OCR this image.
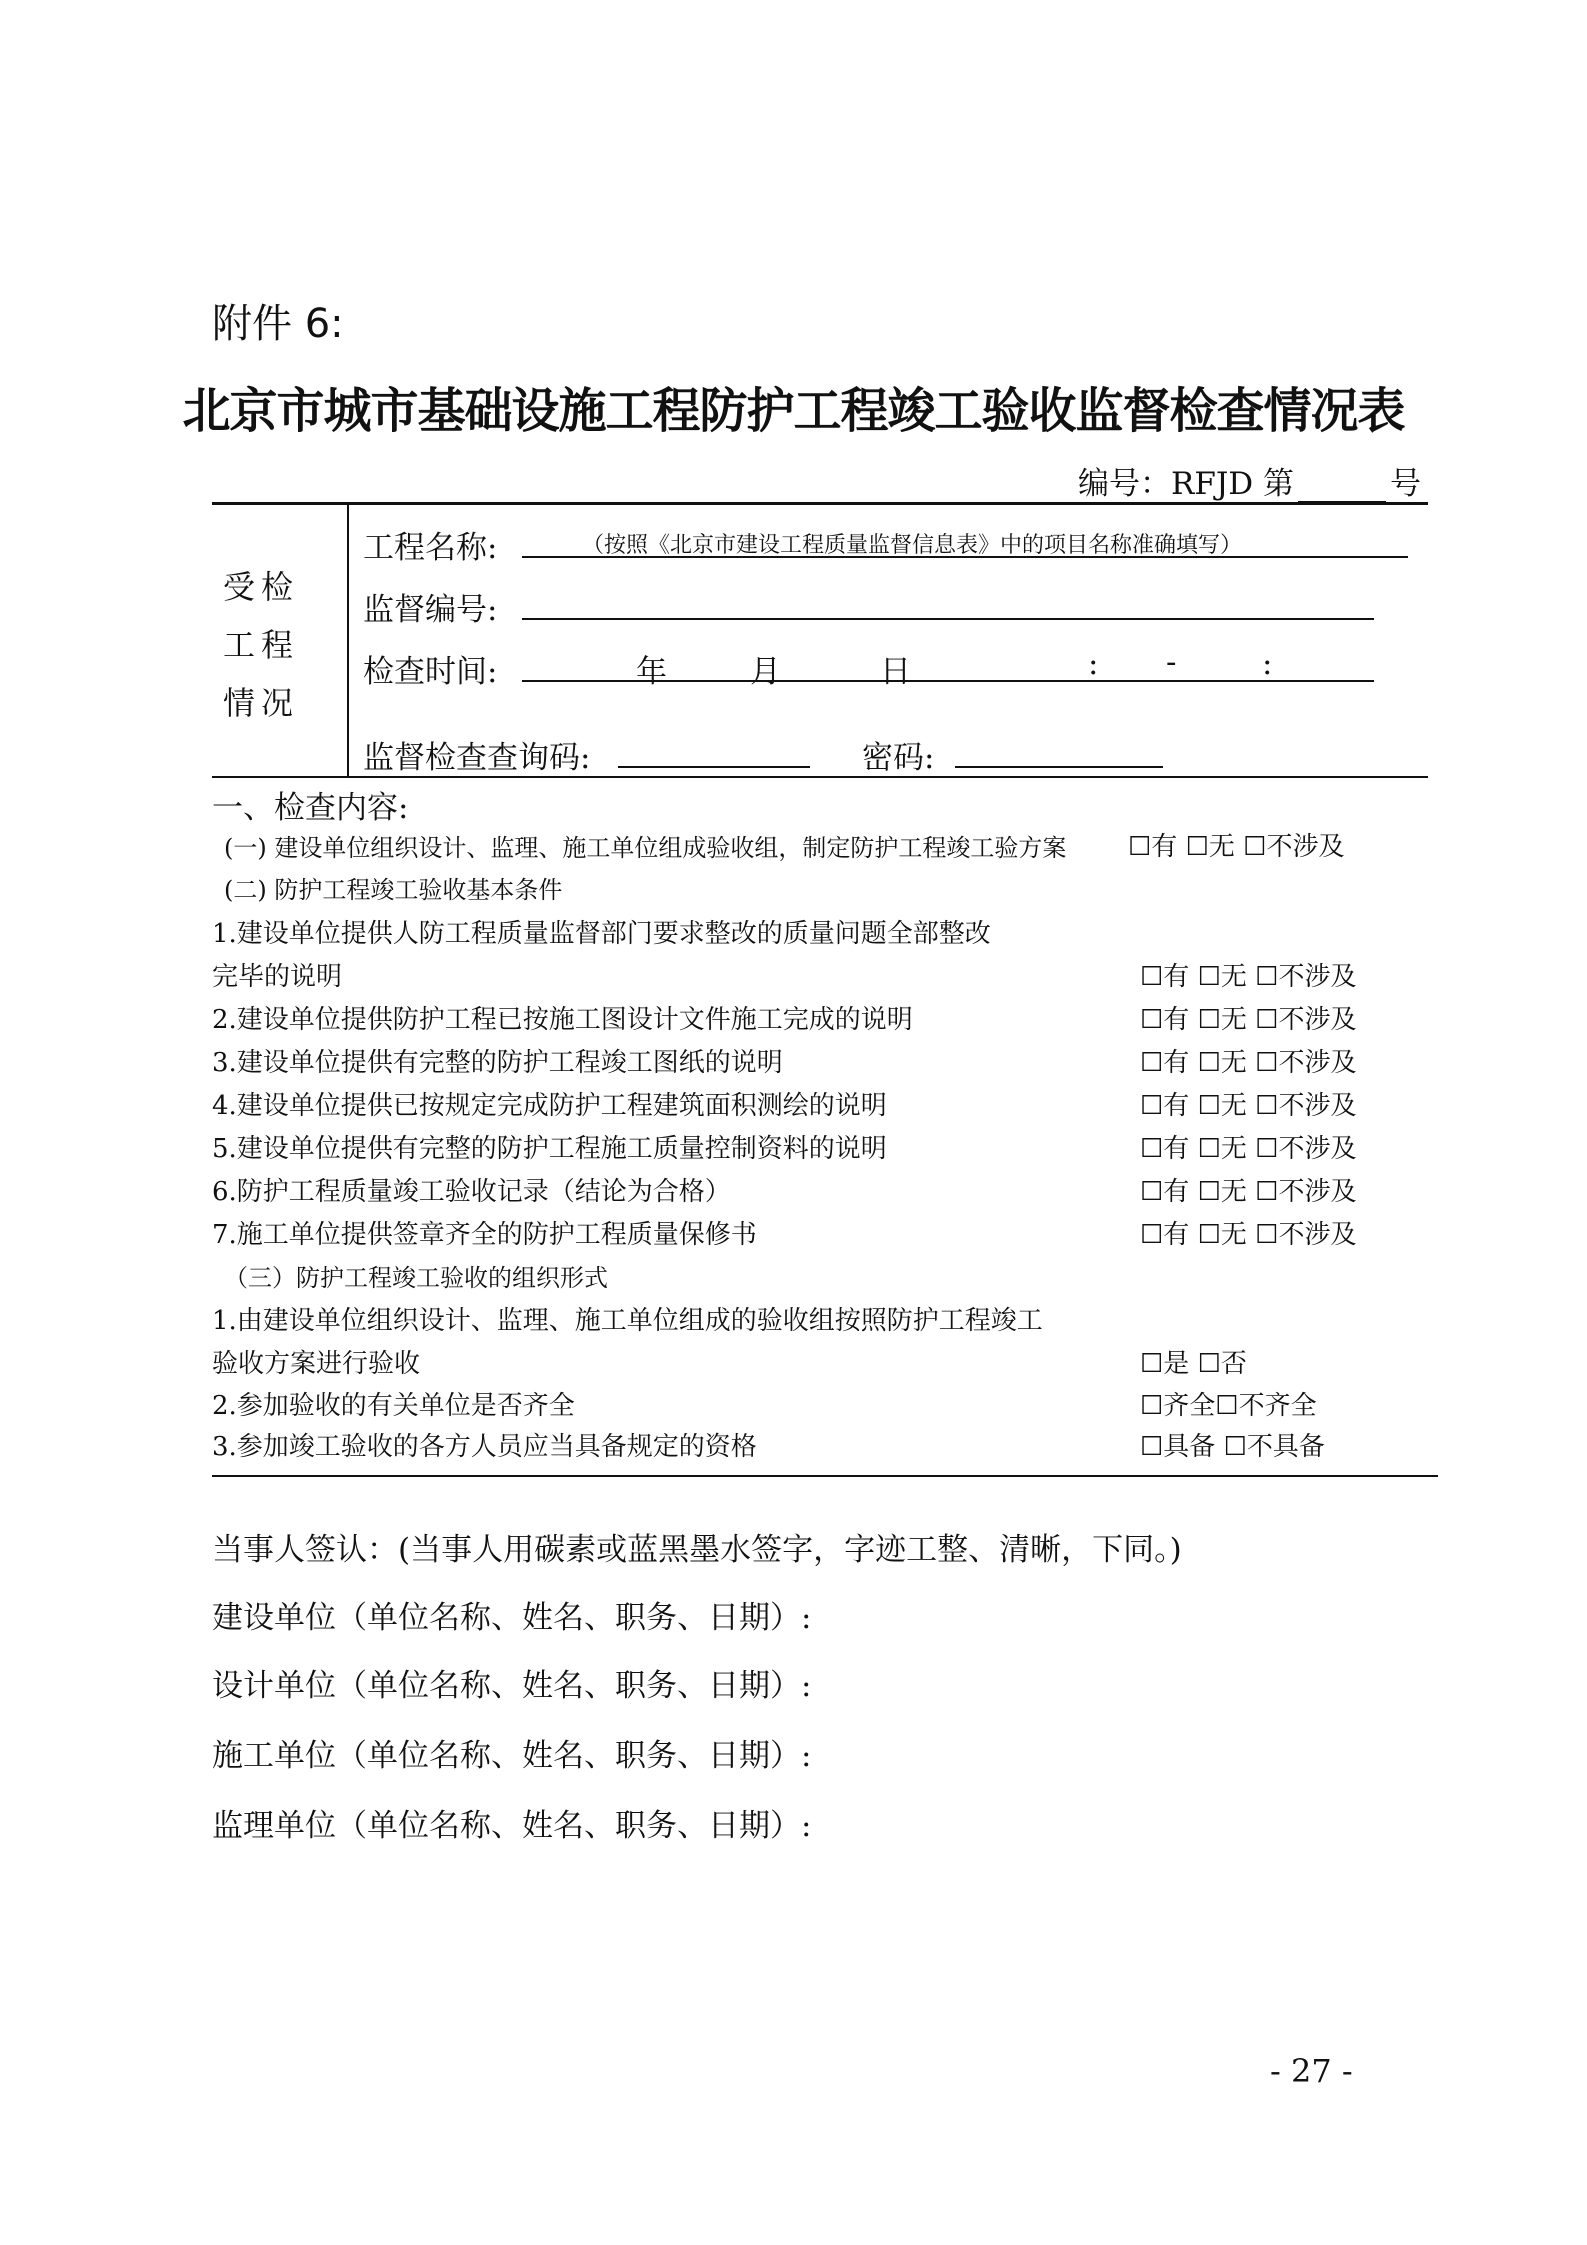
附件 6:
北京市城市基础设施工程防护工程竣工验收监督检查情况表
编号：RFJD 第	号
受检工程情况
工程名称:	（按照《北京市建设工程质量监督信息表》中的项目名称准确填写）
监督编号:
检查时间:	年	月	日	: -	:
监督检查查询码:	密码:
一、检查内容:
(一) 建设单位组织设计、监理、施工单位组成验收组，制定防护工程竣工验方案 ☐有 ☐无 ☐不涉及
(二) 防护工程竣工验收基本条件
1.建设单位提供人防工程质量监督部门要求整改的质量问题全部整改
完毕的说明	☐有 ☐无 ☐不涉及
2.建设单位提供防护工程已按施工图设计文件施工完成的说明	☐有 ☐无 ☐不涉及
3.建设单位提供有完整的防护工程竣工图纸的说明	☐有 ☐无 ☐不涉及
4.建设单位提供已按规定完成防护工程建筑面积测绘的说明	☐有 ☐无 ☐不涉及
5.建设单位提供有完整的防护工程施工质量控制资料的说明	☐有 ☐无 ☐不涉及
6.防护工程质量竣工验收记录（结论为合格）	☐有 ☐无 ☐不涉及
7.施工单位提供签章齐全的防护工程质量保修书	☐有 ☐无 ☐不涉及
（三）防护工程竣工验收的组织形式
1.由建设单位组织设计、监理、施工单位组成的验收组按照防护工程竣工
验收方案进行验收	☐是 ☐否
2.参加验收的有关单位是否齐全	☐齐全☐不齐全
3.参加竣工验收的各方人员应当具备规定的资格	☐具备 ☐不具备
当事人签认：(当事人用碳素或蓝黑墨水签字，字迹工整、清晰，下同。)
建设单位（单位名称、姓名、职务、日期）:
设计单位（单位名称、姓名、职务、日期）:
施工单位（单位名称、姓名、职务、日期）:
监理单位（单位名称、姓名、职务、日期）:
- 27 -
